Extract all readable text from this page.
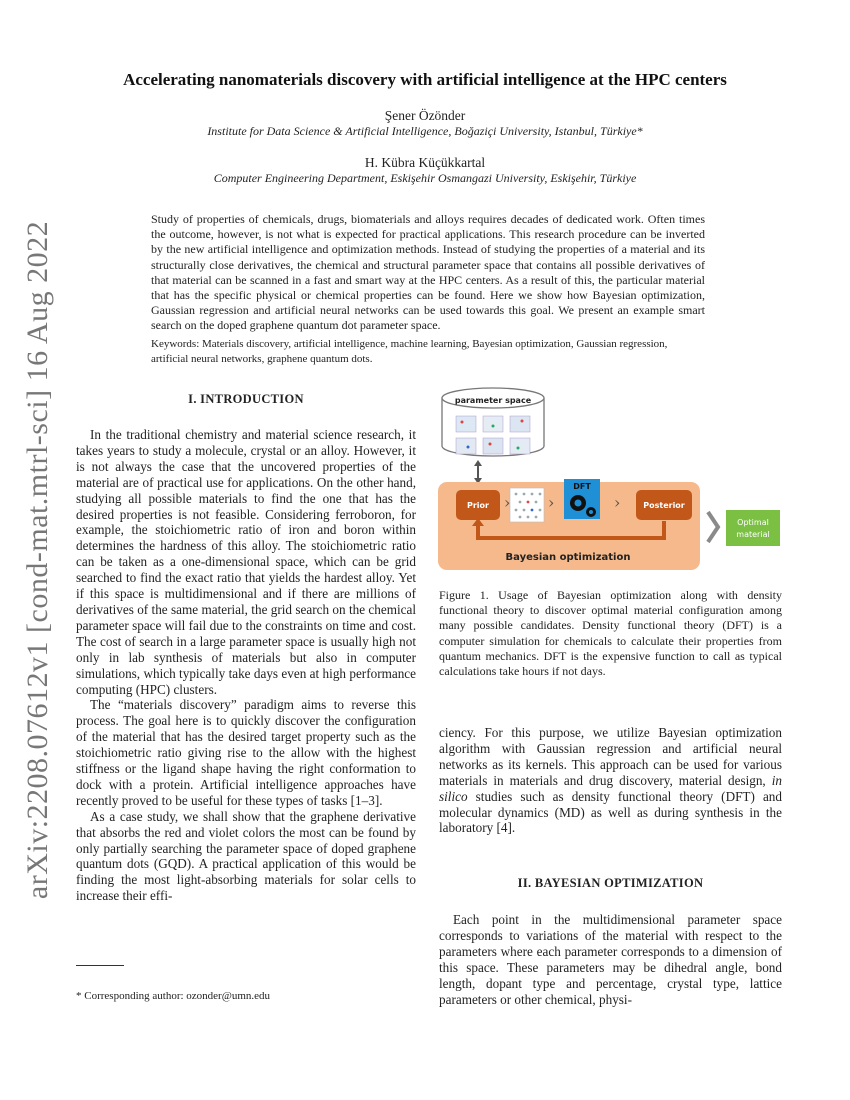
arXiv:2208.07612v1 [cond-mat.mtrl-sci] 16 Aug 2022
Accelerating nanomaterials discovery with artificial intelligence at the HPC centers
Şener Özönder
Institute for Data Science & Artificial Intelligence, Boğaziçi University, Istanbul, Türkiye*
H. Kübra Küçükkartal
Computer Engineering Department, Eskişehir Osmangazi University, Eskişehir, Türkiye
Study of properties of chemicals, drugs, biomaterials and alloys requires decades of dedicated work. Often times the outcome, however, is not what is expected for practical applications. This research procedure can be inverted by the new artificial intelligence and optimization methods. Instead of studying the properties of a material and its structurally close derivatives, the chemical and structural parameter space that contains all possible derivatives of that material can be scanned in a fast and smart way at the HPC centers. As a result of this, the particular material that has the specific physical or chemical properties can be found. Here we show how Bayesian optimization, Gaussian regression and artificial neural networks can be used towards this goal. We present an example smart search on the doped graphene quantum dot parameter space.
Keywords: Materials discovery, artificial intelligence, machine learning, Bayesian optimization, Gaussian regression, artificial neural networks, graphene quantum dots.
I. INTRODUCTION

In the traditional chemistry and material science research, it takes years to study a molecule, crystal or an alloy. However, it is not always the case that the uncovered properties of the material are of practical use for applications. On the other hand, studying all possible materials to find the one that has the desired properties is not feasible. Considering ferroboron, for example, the stoichiometric ratio of iron and boron within determines the hardness of this alloy. The stoichiometric ratio can be taken as a one-dimensional space, which can be grid searched to find the exact ratio that yields the hardest alloy. Yet if this space is multidimensional and if there are millions of derivatives of the same material, the grid search on the chemical parameter space will fail due to the constraints on time and cost. The cost of search in a large parameter space is usually high not only in lab synthesis of materials but also in computer simulations, which typically take days even at high performance computing (HPC) clusters.

The “materials discovery” paradigm aims to reverse this process. The goal here is to quickly discover the configuration of the material that has the desired target property such as the stoichiometric ratio giving rise to the allow with the highest stiffness or the ligand shape having the right conformation to dock with a protein. Artificial intelligence approaches have recently proved to be useful for these types of tasks [1–3].

As a case study, we shall show that the graphene derivative that absorbs the red and violet colors the most can be found by only partially searching the parameter space of doped graphene quantum dots (GQD). A practical application of this would be finding the most light-absorbing materials for solar cells to increase their effi-

* Corresponding author: ozonder@umn.edu
parameter space
Prior › ›
DFT
›	Posterior
Bayesian optimization
Optimal
material
Figure 1. Usage of Bayesian optimization along with density functional theory to discover optimal material configuration among many possible candidates. Density functional theory (DFT) is a computer simulation for chemicals to calculate their properties from quantum mechanics. DFT is the expensive function to call as typical calculations take hours if not days.

ciency. For this purpose, we utilize Bayesian optimization algorithm with Gaussian regression and artificial neural networks as its kernels. This approach can be used for various materials in materials and drug discovery, material design, in silico studies such as density functional theory (DFT) and molecular dynamics (MD) as well as during synthesis in the laboratory [4].

II. BAYESIAN OPTIMIZATION

Each point in the multidimensional parameter space corresponds to variations of the material with respect to the parameters where each parameter corresponds to a dimension of this space. These parameters may be dihedral angle, bond length, dopant type and percentage, crystal type, lattice parameters or other chemical, physi-
